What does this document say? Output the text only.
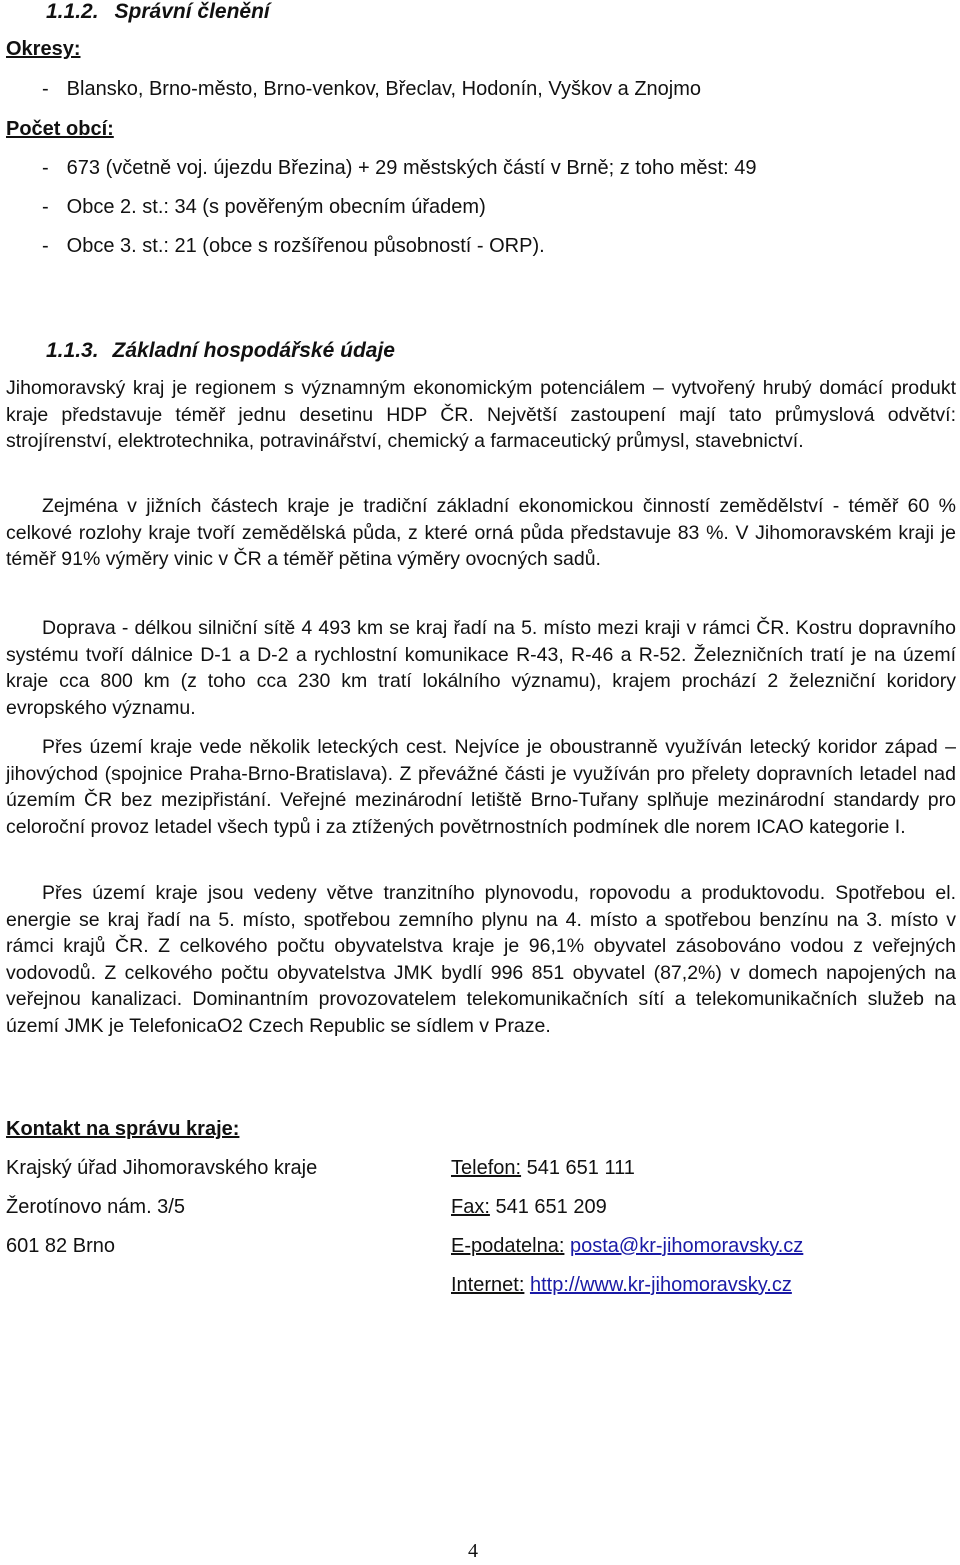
1.1.2. Správní členění
Okresy:
- Blansko, Brno-město, Brno-venkov, Břeclav, Hodonín, Vyškov a Znojmo
Počet obcí:
- 673 (včetně voj. újezdu Březina) + 29 městských částí v Brně; z toho měst: 49
- Obce 2. st.: 34 (s pověřeným obecním úřadem)
- Obce 3. st.: 21 (obce s rozšířenou působností - ORP).
1.1.3. Základní hospodářské údaje
Jihomoravský kraj je regionem s významným ekonomickým potenciálem – vytvořený hrubý domácí produkt kraje představuje téměř jednu desetinu HDP ČR. Největší zastoupení mají tato průmyslová odvětví: strojírenství, elektrotechnika, potravinářství, chemický a farmaceutický průmysl, stavebnictví.
Zejména v jižních částech kraje je tradiční základní ekonomickou činností zemědělství - téměř 60 % celkové rozlohy kraje tvoří zemědělská půda, z které orná půda představuje 83 %. V Jihomoravském kraji je téměř 91% výměry vinic v ČR a téměř pětina výměry ovocných sadů.
Doprava - délkou silniční sítě 4 493 km se kraj řadí na 5. místo mezi kraji v rámci ČR. Kostru dopravního systému tvoří dálnice D-1 a D-2 a rychlostní komunikace R-43, R-46 a R-52. Železničních tratí je na území kraje cca 800 km (z toho cca 230 km tratí lokálního významu), krajem prochází 2 železniční koridory evropského významu.
Přes území kraje vede několik leteckých cest. Nejvíce je oboustranně využíván letecký koridor západ – jihovýchod (spojnice Praha-Brno-Bratislava). Z převážné části je využíván pro přelety dopravních letadel nad územím ČR bez mezipřistání. Veřejné mezinárodní letiště Brno-Tuřany splňuje mezinárodní standardy pro celoroční provoz letadel všech typů i za ztížených povětrnostních podmínek dle norem ICAO kategorie I.
Přes území kraje jsou vedeny větve tranzitního plynovodu, ropovodu a produktovodu. Spotřebou el. energie se kraj řadí na 5. místo, spotřebou zemního plynu na 4. místo a spotřebou benzínu na 3. místo v rámci krajů ČR. Z celkového počtu obyvatelstva kraje je 96,1% obyvatel zásobováno vodou z veřejných vodovodů. Z celkového počtu obyvatelstva JMK bydlí 996 851 obyvatel (87,2%) v domech napojených na veřejnou kanalizaci. Dominantním provozovatelem telekomunikačních sítí a telekomunikačních služeb na území JMK je TelefonicaO2 Czech Republic se sídlem v Praze.
Kontakt na správu kraje:
Krajský úřad Jihomoravského kraje	Telefon: 541 651 111
Žerotínovo nám. 3/5	Fax: 541 651 209
601 82 Brno	E-podatelna: posta@kr-jihomoravsky.cz
Internet: http://www.kr-jihomoravsky.cz
4
